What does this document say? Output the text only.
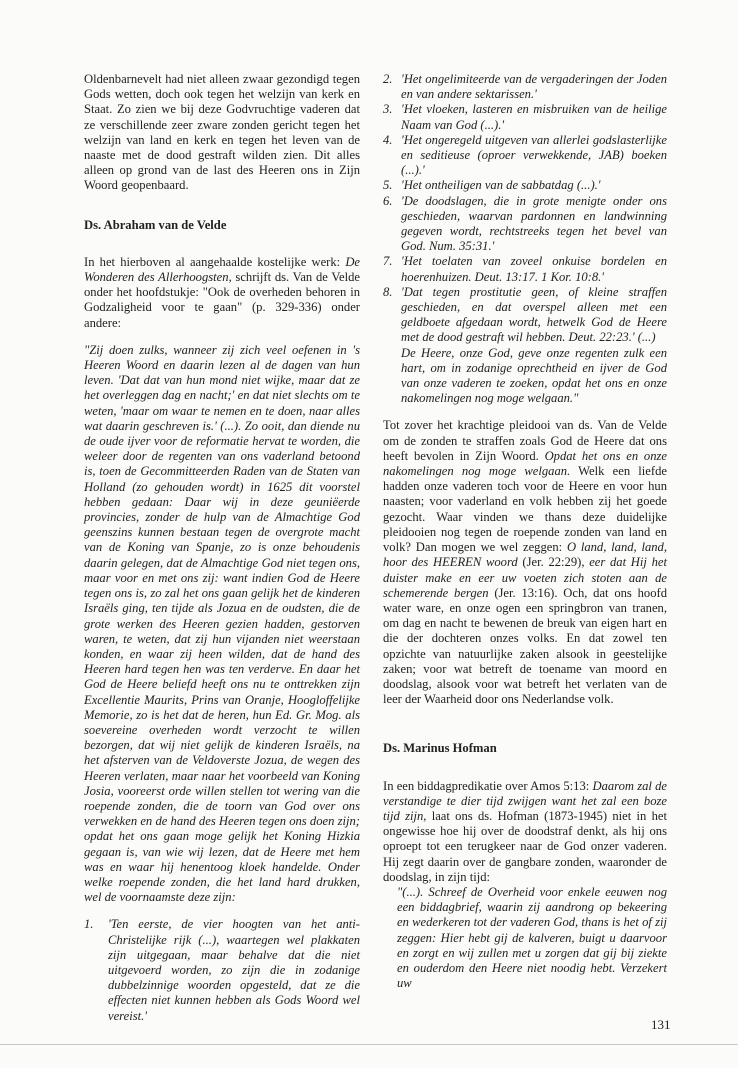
Oldenbarnevelt had niet alleen zwaar gezondigd tegen Gods wetten, doch ook tegen het welzijn van kerk en Staat. Zo zien we bij deze Godvruchtige vaderen dat ze verschillende zeer zware zonden gericht tegen het welzijn van land en kerk en tegen het leven van de naaste met de dood gestraft wilden zien. Dit alles alleen op grond van de last des Heeren ons in Zijn Woord geopenbaard.

Ds. Abraham van de Velde

In het hierboven al aangehaalde kostelijke werk: De Wonderen des Allerhoogsten, schrijft ds. Van de Velde onder het hoofdstukje: "Ook de overheden behoren in Godzaligheid voor te gaan" (p. 329-336) onder andere:

"Zij doen zulks, wanneer zij zich veel oefenen in 's Heeren Woord en daarin lezen al de dagen van hun leven. 'Dat dat van hun mond niet wijke, maar dat ze het overleggen dag en nacht;' en dat niet slechts om te weten, 'maar om waar te nemen en te doen, naar alles wat daarin geschreven is.' (...). Zo ooit, dan diende nu de oude ijver voor de reformatie hervat te worden, die weleer door de regenten van ons vaderland betoond is, toen de Gecommitteerden Raden van de Staten van Holland (zo gehouden wordt) in 1625 dit voorstel hebben gedaan: Daar wij in deze geuniëerde provincies, zonder de hulp van de Almachtige God geenszins kunnen bestaan tegen de overgrote macht van de Koning van Spanje, zo is onze behoudenis daarin gelegen, dat de Almachtige God niet tegen ons, maar voor en met ons zij: want indien God de Heere tegen ons is, zo zal het ons gaan gelijk het de kinderen Israëls ging, ten tijde als Jozua en de oudsten, die de grote werken des Heeren gezien hadden, gestorven waren, te weten, dat zij hun vijanden niet weerstaan konden, en waar zij heen wilden, dat de hand des Heeren hard tegen hen was ten verderve. En daar het God de Heere beliefd heeft ons nu te onttrekken zijn Excellentie Maurits, Prins van Oranje, Hoogloffelijke Memorie, zo is het dat de heren, hun Ed. Gr. Mog. als soevereine overheden wordt verzocht te willen bezorgen, dat wij niet gelijk de kinderen Israëls, na het afsterven van de Veldoverste Jozua, de wegen des Heeren verlaten, maar naar het voorbeeld van Koning Josia, vooreerst orde willen stellen tot wering van die roepende zonden, die de toorn van God over ons verwekken en de hand des Heeren tegen ons doen zijn; opdat het ons gaan moge gelijk het Koning Hizkia gegaan is, van wie wij lezen, dat de Heere met hem was en waar hij henentoog kloek handelde. Onder welke roepende zonden, die het land hard drukken, wel de voornaamste deze zijn:

1. 'Ten eerste, de vier hoogten van het anti-Christelijke rijk (...), waartegen wel plakkaten zijn uitgegaan, maar behalve dat die niet uitgevoerd worden, zo zijn die in zodanige dubbelzinnige woorden opgesteld, dat ze die effecten niet kunnen hebben als Gods Woord wel vereist.'
2. 'Het ongelimiteerde van de vergaderingen der Joden en van andere sektarissen.'
3. 'Het vloeken, lasteren en misbruiken van de heilige Naam van God (...).'
4. 'Het ongeregeld uitgeven van allerlei godslasterlijke en seditieuse (oproer verwekkende, JAB) boeken (...).'
5. 'Het ontheiligen van de sabbatdag (...).'
6. 'De doodslagen, die in grote menigte onder ons geschieden, waarvan pardonnen en landwinning gegeven wordt, rechtstreeks tegen het bevel van God. Num. 35:31.'
7. 'Het toelaten van zoveel onkuise bordelen en hoerenhuizen. Deut. 13:17. 1 Kor. 10:8.'
8. 'Dat tegen prostitutie geen, of kleine straffen geschieden, en dat overspel alleen met een geldboete afgedaan wordt, hetwelk God de Heere met de dood gestraft wil hebben. Deut. 22:23.' (...)

De Heere, onze God, geve onze regenten zulk een hart, om in zodanige oprechtheid en ijver de God van onze vaderen te zoeken, opdat het ons en onze nakomelingen nog moge welgaan."

Tot zover het krachtige pleidooi van ds. Van de Velde om de zonden te straffen zoals God de Heere dat ons heeft bevolen in Zijn Woord. Opdat het ons en onze nakomelingen nog moge welgaan. Welk een liefde hadden onze vaderen toch voor de Heere en voor hun naasten; voor vaderland en volk hebben zij het goede gezocht. Waar vinden we thans deze duidelijke pleidooien nog tegen de roepende zonden van land en volk? Dan mogen we wel zeggen: O land, land, land, hoor des HEEREN woord (Jer. 22:29), eer dat Hij het duister make en eer uw voeten zich stoten aan de schemerende bergen (Jer. 13:16). Och, dat ons hoofd water ware, en onze ogen een springbron van tranen, om dag en nacht te bewenen de breuk van eigen hart en die der dochteren onzes volks. En dat zowel ten opzichte van natuurlijke zaken alsook in geestelijke zaken; voor wat betreft de toename van moord en doodslag, alsook voor wat betreft het verlaten van de leer der Waarheid door ons Nederlandse volk.

Ds. Marinus Hofman

In een biddagpredikatie over Amos 5:13: Daarom zal de verstandige te dier tijd zwijgen want het zal een boze tijd zijn, laat ons ds. Hofman (1873-1945) niet in het ongewisse hoe hij over de doodstraf denkt, als hij ons oproept tot een terugkeer naar de God onzer vaderen. Hij zegt daarin over de gangbare zonden, waaronder de doodslag, in zijn tijd:

"(...). Schreef de Overheid voor enkele eeuwen nog een biddagbrief, waarin zij aandrong op bekeering en wederkeren tot der vaderen God, thans is het of zij zeggen: Hier hebt gij de kalveren, buigt u daarvoor en zorgt en wij zullen met u zorgen dat gij bij ziekte en ouderdom den Heere niet noodig hebt. Verzekert uw

131
